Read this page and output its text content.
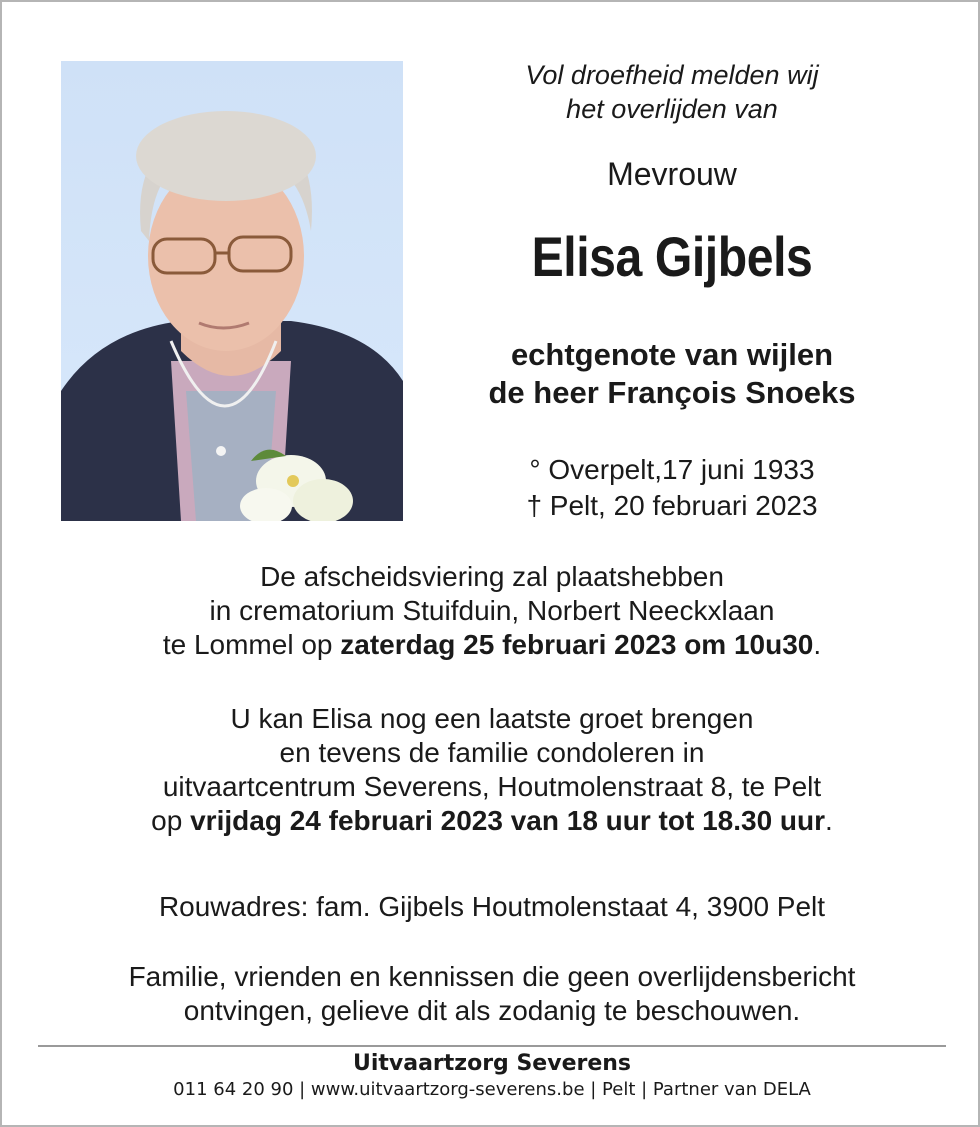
Vol droefheid melden wij
het overlijden van
Mevrouw
Elisa Gijbels
echtgenote van wijlen
de heer François Snoeks
° Overpelt,17 juni 1933
† Pelt, 20 februari 2023
De afscheidsviering zal plaatshebben
in crematorium Stuifduin, Norbert Neeckxlaan
te Lommel op zaterdag 25 februari 2023 om 10u30.
U kan Elisa nog een laatste groet brengen
en tevens de familie condoleren in
uitvaartcentrum Severens, Houtmolenstraat 8, te Pelt
op vrijdag 24 februari 2023 van 18 uur tot 18.30 uur.
Rouwadres: fam. Gijbels Houtmolenstaat 4, 3900 Pelt
Familie, vrienden en kennissen die geen overlijdensbericht
ontvingen, gelieve dit als zodanig te beschouwen.
Uitvaartzorg Severens
011 64 20 90 | www.uitvaartzorg-severens.be | Pelt | Partner van DELA
